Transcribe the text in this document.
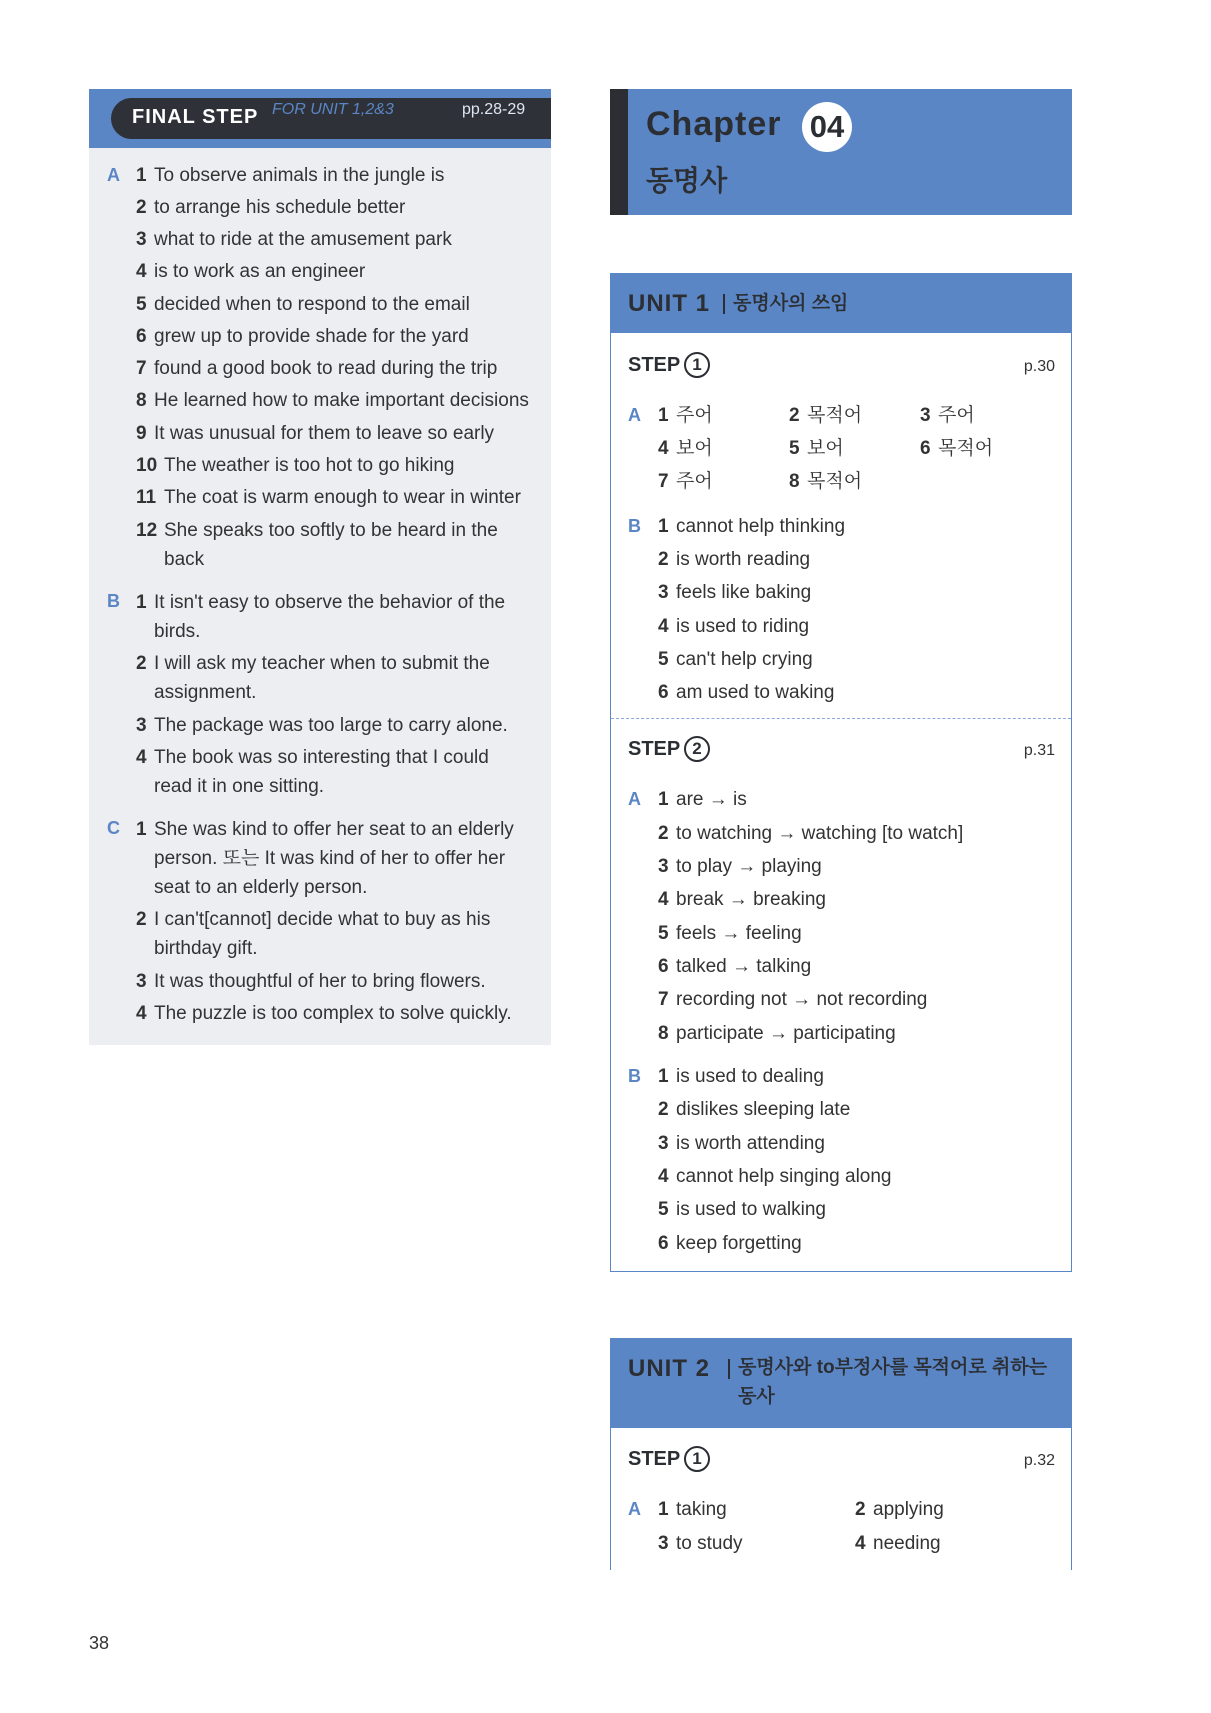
FINAL STEP FOR UNIT 1,2&3	pp.28-29
A 1 To observe animals in the jungle is
2 to arrange his schedule better
3 what to ride at the amusement park
4 is to work as an engineer
5 decided when to respond to the email
6 grew up to provide shade for the yard
7 found a good book to read during the trip
8 He learned how to make important decisions
9 It was unusual for them to leave so early
10 The weather is too hot to go hiking
11 The coat is warm enough to wear in winter
12 She speaks too softly to be heard in the
back
B 1 It isn't easy to observe the behavior of the
birds.
2 I will ask my teacher when to submit the
assignment.
3 The package was too large to carry alone.
4 The book was so interesting that I could
read it in one sitting.
C 1 She was kind to offer her seat to an elderly
person. 또는 It was kind of her to offer her
seat to an elderly person.
2 I can't[cannot] decide what to buy as his
birthday gift.
3 It was thoughtful of her to bring flowers.
4 The puzzle is too complex to solve quickly.
Chapter 04
동명사
UNIT 1 동명사의 쓰임
STEP 1	p.30
A 1 주어	2 목적어	3 주어
4 보어	5 보어	6 목적어
7 주어	8 목적어
B 1 cannot help thinking
2 is worth reading
3 feels like baking
4 is used to riding
5 can't help crying
6 am used to waking
STEP 2	p.31
A 1 are → is
2 to watching → watching [to watch]
3 to play → playing
4 break → breaking
5 feels → feeling
6 talked → talking
7 recording not → not recording
8 participate → participating
B 1 is used to dealing
2 dislikes sleeping late
3 is worth attending
4 cannot help singing along
5 is used to walking
6 keep forgetting
UNIT 2 동명사와 to부정사를 목적어로 취하는
동사
STEP 1	p.32
A 1 taking	2 applying
3 to study	4 needing
38
